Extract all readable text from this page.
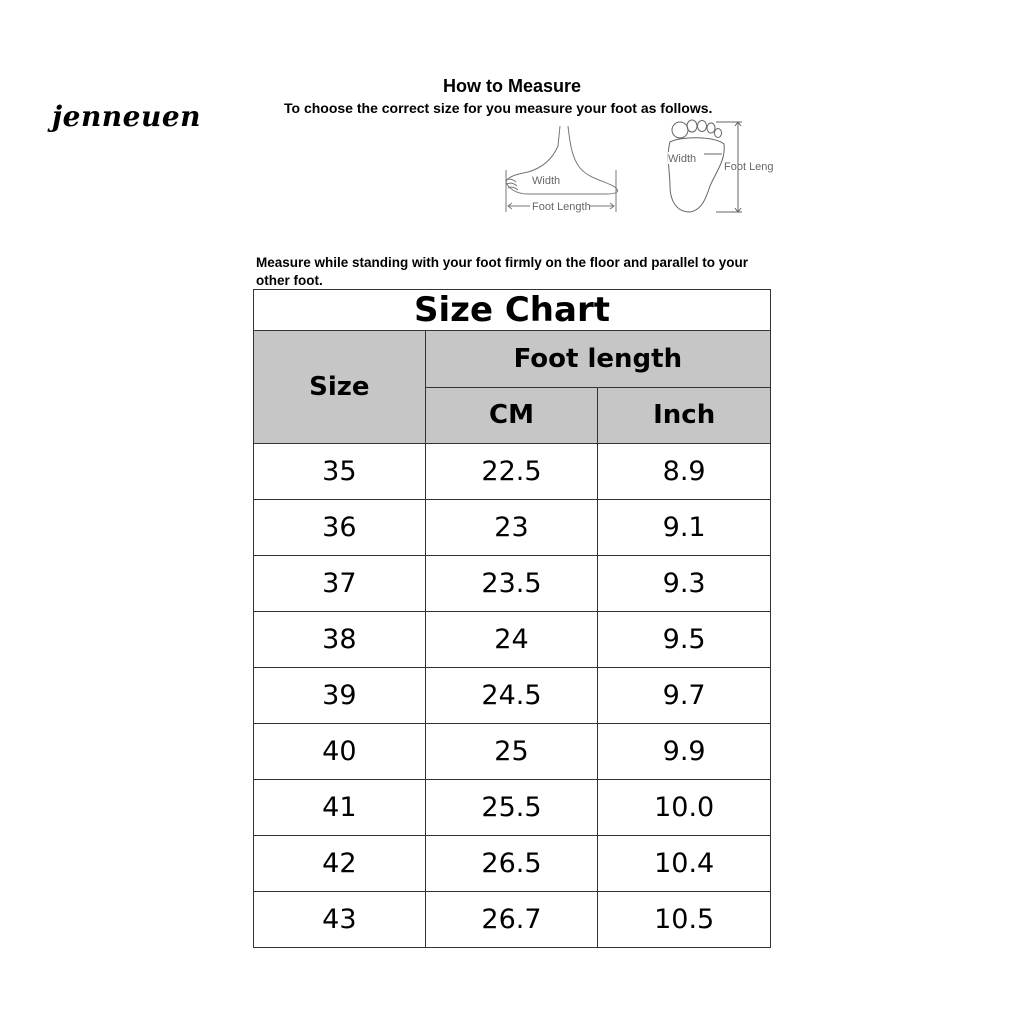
jenneuen
How to Measure
To choose the correct size for you measure your foot as follows.
Width
Foot Length
Width
Foot Leng
Measure while standing with your foot firmly on the floor and parallel to your other foot.
Size Chart		
Size	Foot length	
	CM	Inch
35	22.5	8.9
36	23	9.1
37	23.5	9.3
38	24	9.5
39	24.5	9.7
40	25	9.9
41	25.5	10.0
42	26.5	10.4
43	26.7	10.5
